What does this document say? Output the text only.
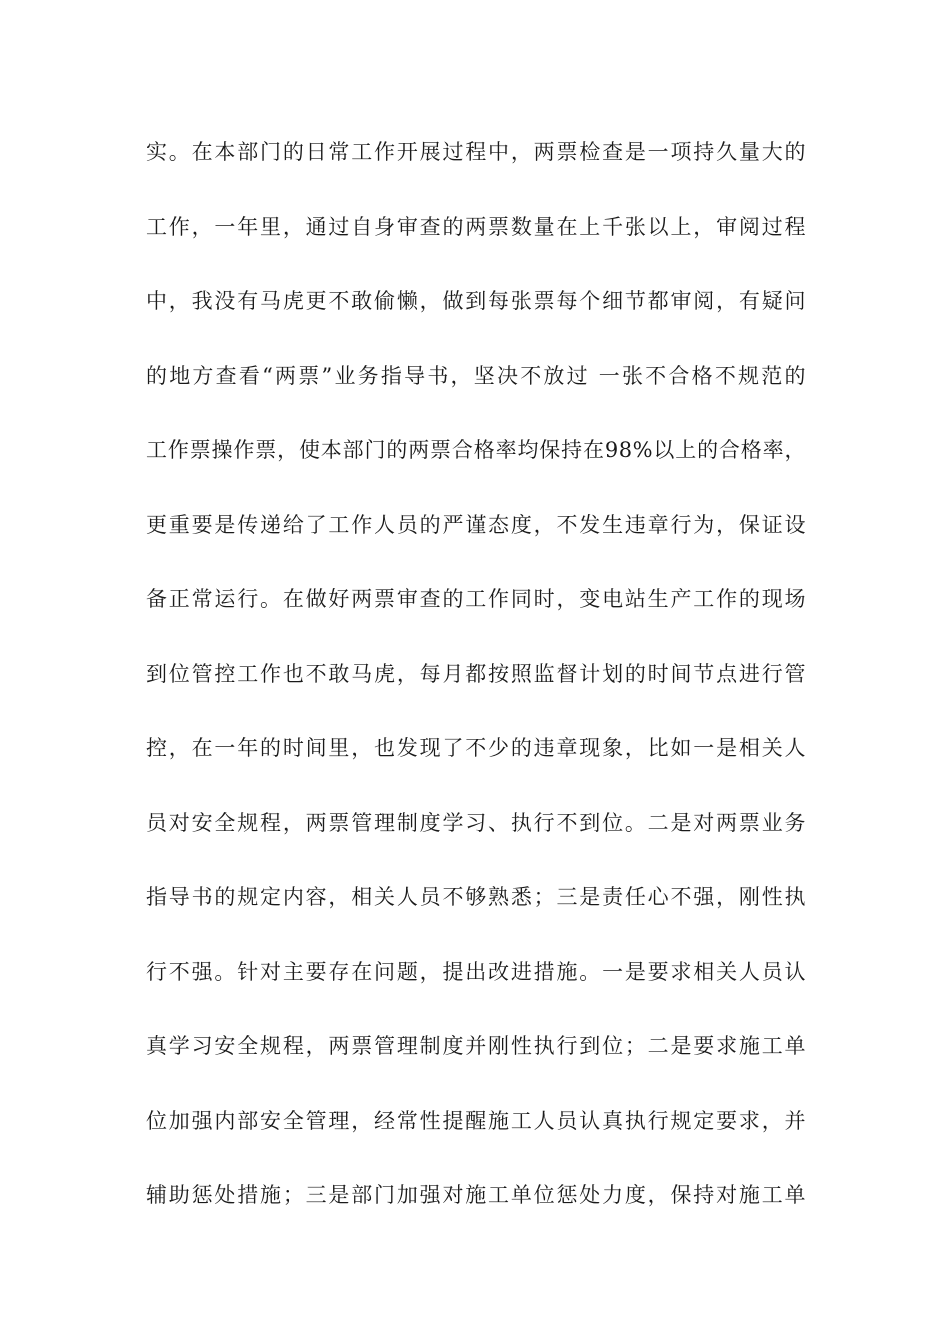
实。在本部门的日常工作开展过程中，两票检查是一项持久量大的
工作，一年里，通过自身审查的两票数量在上千张以上，审阅过程
中，我没有马虎更不敢偷懒，做到每张票每个细节都审阅，有疑问
的地方查看“两票”业务指导书，坚决不放过 一张不合格不规范的
工作票操作票，使本部门的两票合格率均保持在98%以上的合格率，
更重要是传递给了工作人员的严谨态度，不发生违章行为，保证设
备正常运行。在做好两票审查的工作同时，变电站生产工作的现场
到位管控工作也不敢马虎，每月都按照监督计划的时间节点进行管
控，在一年的时间里，也发现了不少的违章现象，比如一是相关人
员对安全规程，两票管理制度学习、执行不到位。二是对两票业务
指导书的规定内容，相关人员不够熟悉；三是责任心不强，刚性执
行不强。针对主要存在问题，提出改进措施。一是要求相关人员认
真学习安全规程，两票管理制度并刚性执行到位；二是要求施工单
位加强内部安全管理，经常性提醒施工人员认真执行规定要求，并
辅助惩处措施；三是部门加强对施工单位惩处力度，保持对施工单
